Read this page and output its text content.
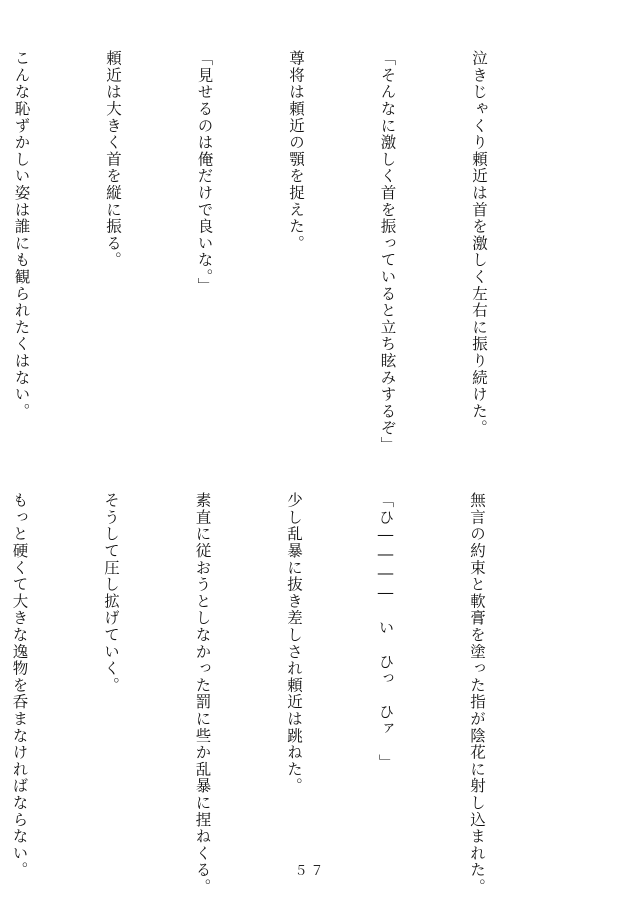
泣きじゃくり頼近は首を激しく左右に振り続けた。

「そんなに激しく首を振っていると立ち眩みするぞ」

尊将は頼近の顎を捉えた。

「見せるのは俺だけで良いな。」

頼近は大きく首を縦に振る。

こんな恥ずかしい姿は誰にも観られたくはない。

無言の約束と軟膏を塗った指が陰花に射し込まれた。

「ひ――――　い　ひっ　ひァ　」

少し乱暴に抜き差しされ頼近は跳ねた。

素直に従おうとしなかった罰に些か乱暴に捏ねくる。

そうして圧し拡げていく。

もっと硬くて大きな逸物を呑まなければならない。

	５７
